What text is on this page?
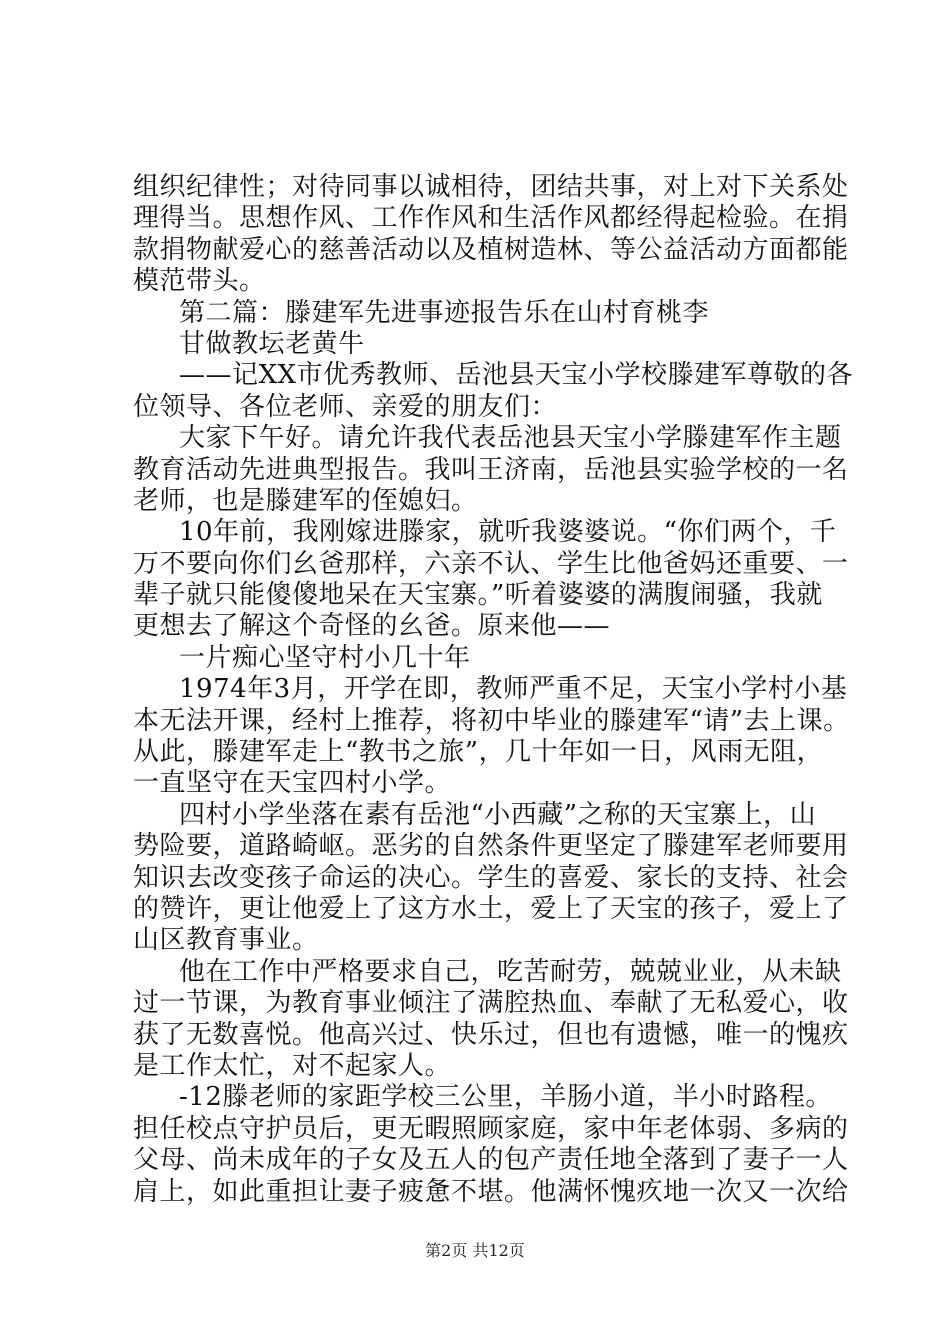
组织纪律性；对待同事以诚相待，团结共事，对上对下关系处
理得当。思想作风、工作作风和生活作风都经得起检验。在捐
款捐物献爱心的慈善活动以及植树造林、等公益活动方面都能
模范带头。
第二篇：滕建军先进事迹报告乐在山村育桃李
甘做教坛老黄牛
——记XX市优秀教师、岳池县天宝小学校滕建军尊敬的各
位领导、各位老师、亲爱的朋友们：
大家下午好。请允许我代表岳池县天宝小学滕建军作主题
教育活动先进典型报告。我叫王济南，岳池县实验学校的一名
老师，也是滕建军的侄媳妇。
10年前，我刚嫁进滕家，就听我婆婆说。“你们两个，千
万不要向你们幺爸那样，六亲不认、学生比他爸妈还重要、一
辈子就只能傻傻地呆在天宝寨。”听着婆婆的满腹闹骚，我就
更想去了解这个奇怪的幺爸。原来他——
一片痴心坚守村小几十年
1974年3月，开学在即，教师严重不足，天宝小学村小基
本无法开课，经村上推荐，将初中毕业的滕建军“请”去上课。
从此，滕建军走上“教书之旅”，几十年如一日，风雨无阻，
一直坚守在天宝四村小学。
四村小学坐落在素有岳池“小西藏”之称的天宝寨上，山
势险要，道路崎岖。恶劣的自然条件更坚定了滕建军老师要用
知识去改变孩子命运的决心。学生的喜爱、家长的支持、社会
的赞许，更让他爱上了这方水土，爱上了天宝的孩子，爱上了
山区教育事业。
他在工作中严格要求自己，吃苦耐劳，兢兢业业，从未缺
过一节课，为教育事业倾注了满腔热血、奉献了无私爱心，收
获了无数喜悦。他高兴过、快乐过，但也有遗憾，唯一的愧疚
是工作太忙，对不起家人。
-12滕老师的家距学校三公里，羊肠小道，半小时路程。
担任校点守护员后，更无暇照顾家庭，家中年老体弱、多病的
父母、尚未成年的子女及五人的包产责任地全落到了妻子一人
肩上，如此重担让妻子疲惫不堪。他满怀愧疚地一次又一次给
第2页 共12页
